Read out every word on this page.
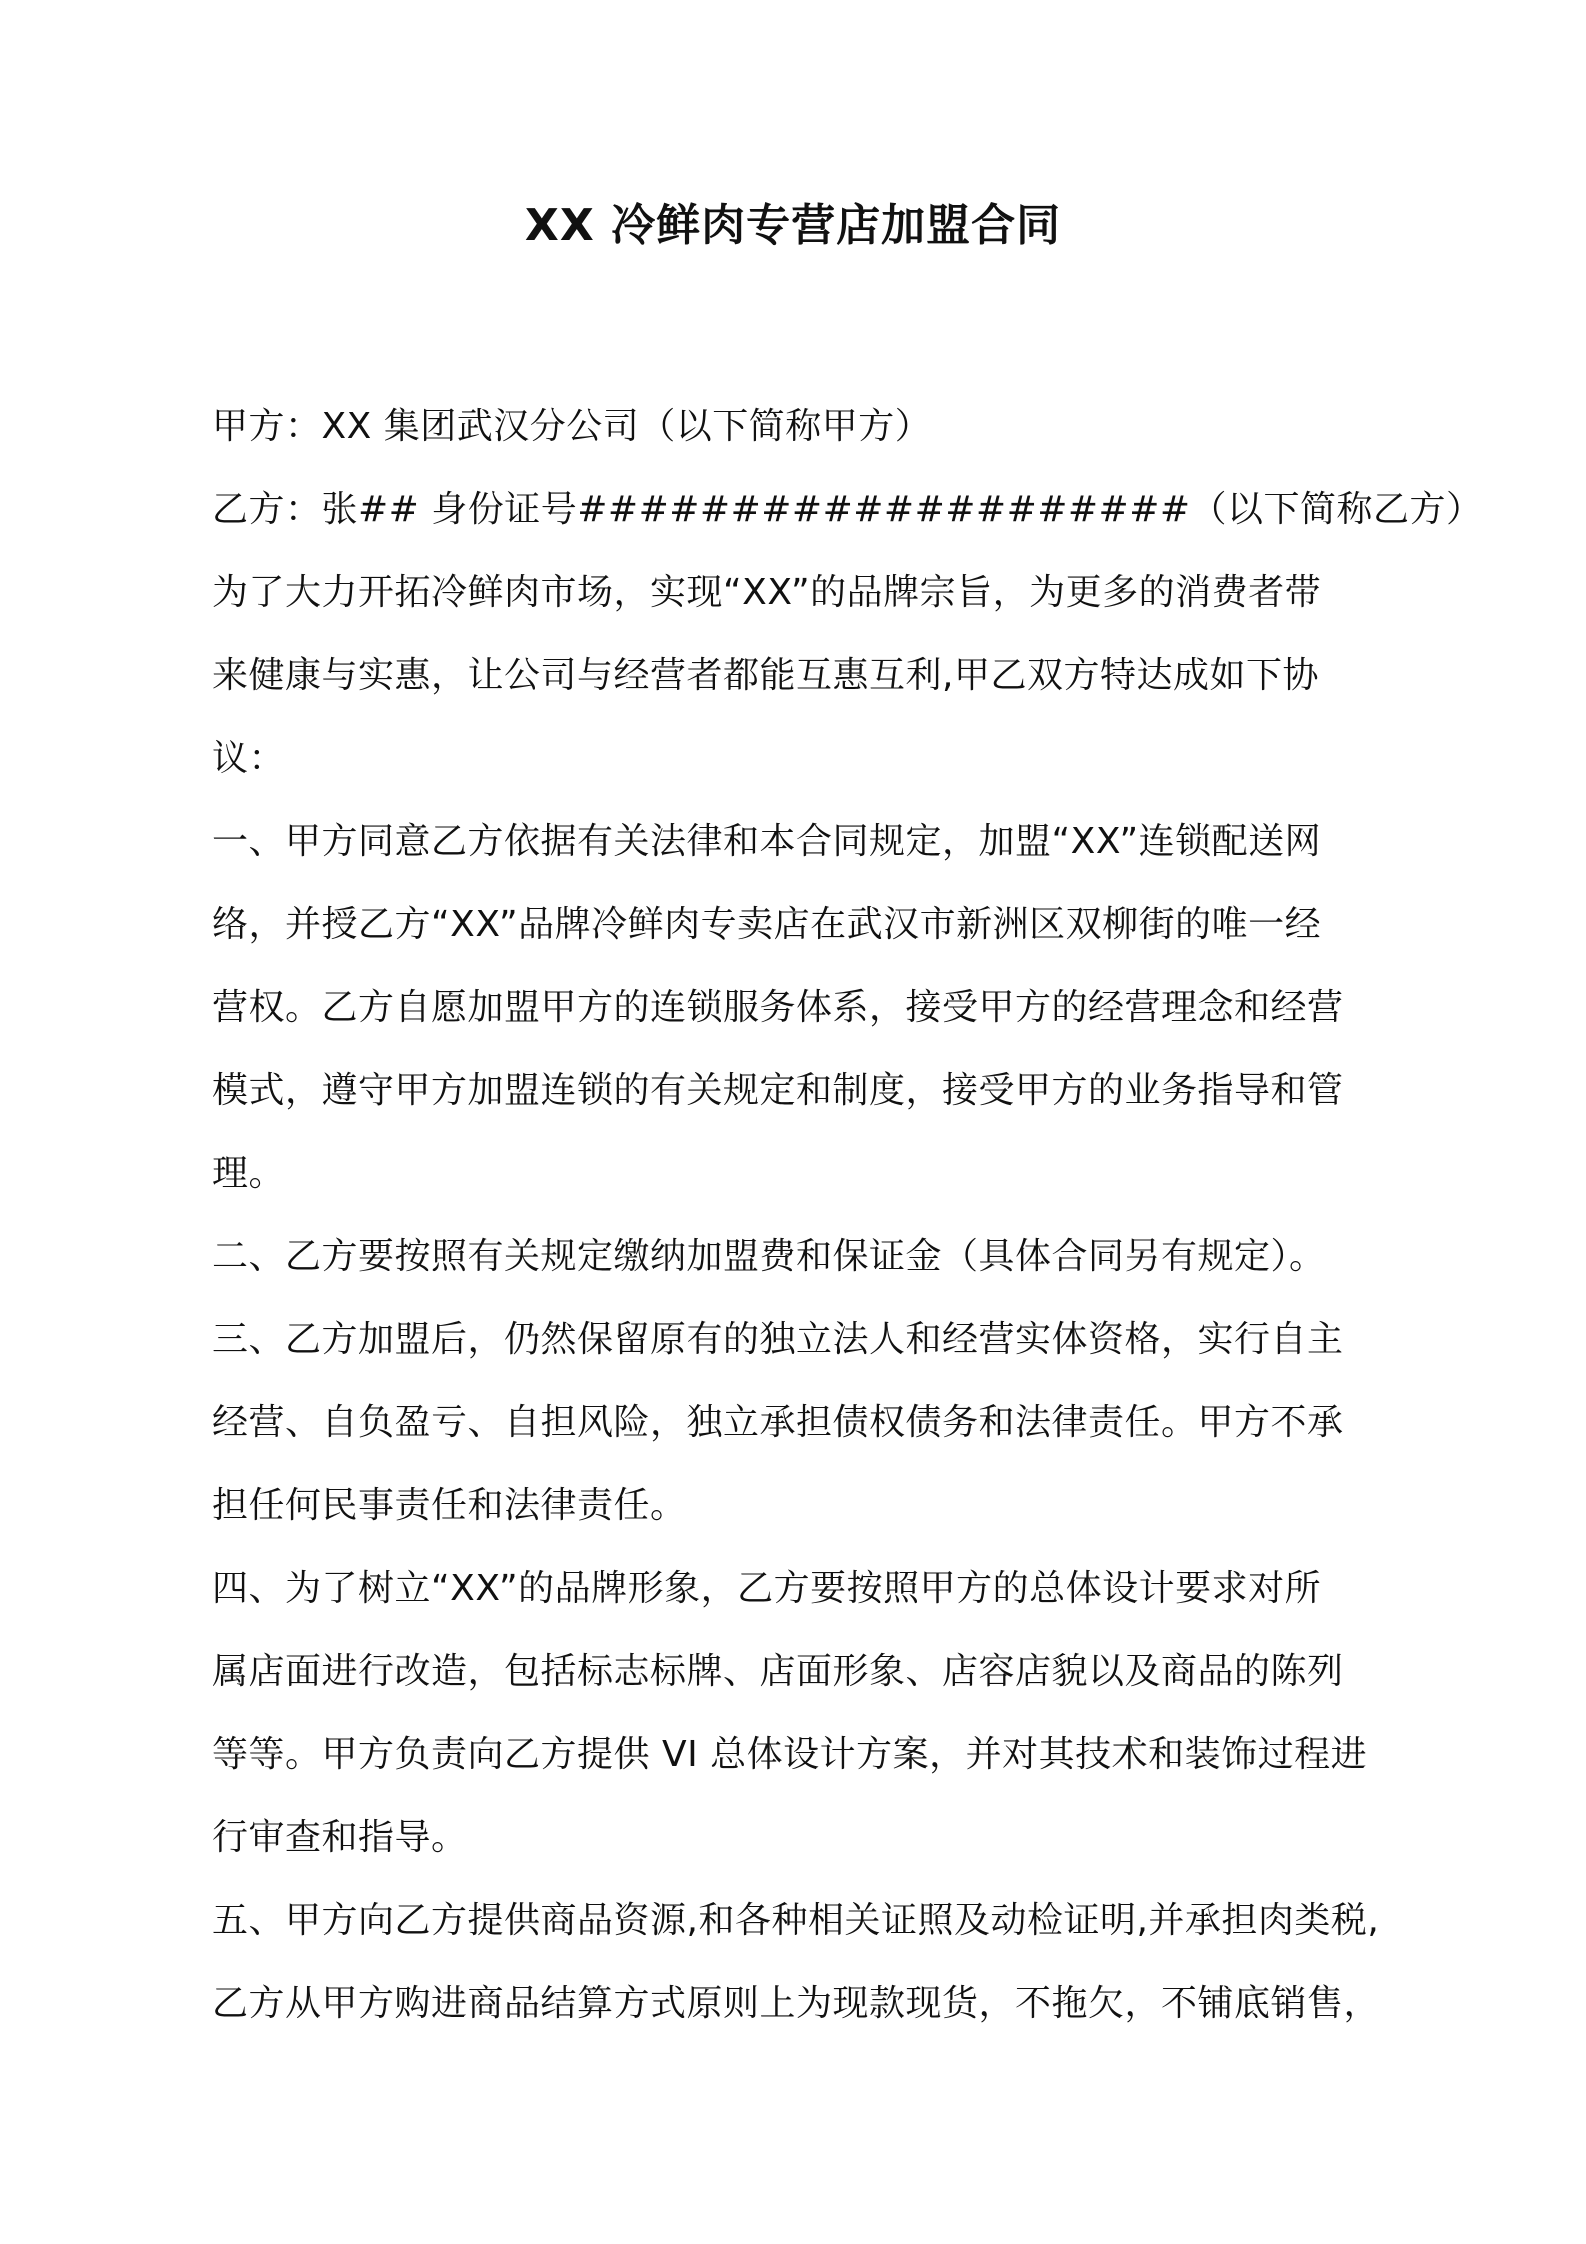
XX 冷鲜肉专营店加盟合同
甲方：XX 集团武汉分公司（以下简称甲方）
乙方：张## 身份证号####################（以下简称乙方）
为了大力开拓冷鲜肉市场，实现“XX”的品牌宗旨，为更多的消费者带
来健康与实惠，让公司与经营者都能互惠互利,甲乙双方特达成如下协
议：
一、甲方同意乙方依据有关法律和本合同规定，加盟“XX”连锁配送网
络，并授乙方“XX”品牌冷鲜肉专卖店在武汉市新洲区双柳街的唯一经
营权。乙方自愿加盟甲方的连锁服务体系，接受甲方的经营理念和经营
模式，遵守甲方加盟连锁的有关规定和制度，接受甲方的业务指导和管
理。
二、乙方要按照有关规定缴纳加盟费和保证金（具体合同另有规定）。
三、乙方加盟后，仍然保留原有的独立法人和经营实体资格，实行自主
经营、自负盈亏、自担风险，独立承担债权债务和法律责任。甲方不承
担任何民事责任和法律责任。
四、为了树立“XX”的品牌形象，乙方要按照甲方的总体设计要求对所
属店面进行改造，包括标志标牌、店面形象、店容店貌以及商品的陈列
等等。甲方负责向乙方提供 VI 总体设计方案，并对其技术和装饰过程进
行审查和指导。
五、甲方向乙方提供商品资源,和各种相关证照及动检证明,并承担肉类税,
乙方从甲方购进商品结算方式原则上为现款现货，不拖欠，不铺底销售，
